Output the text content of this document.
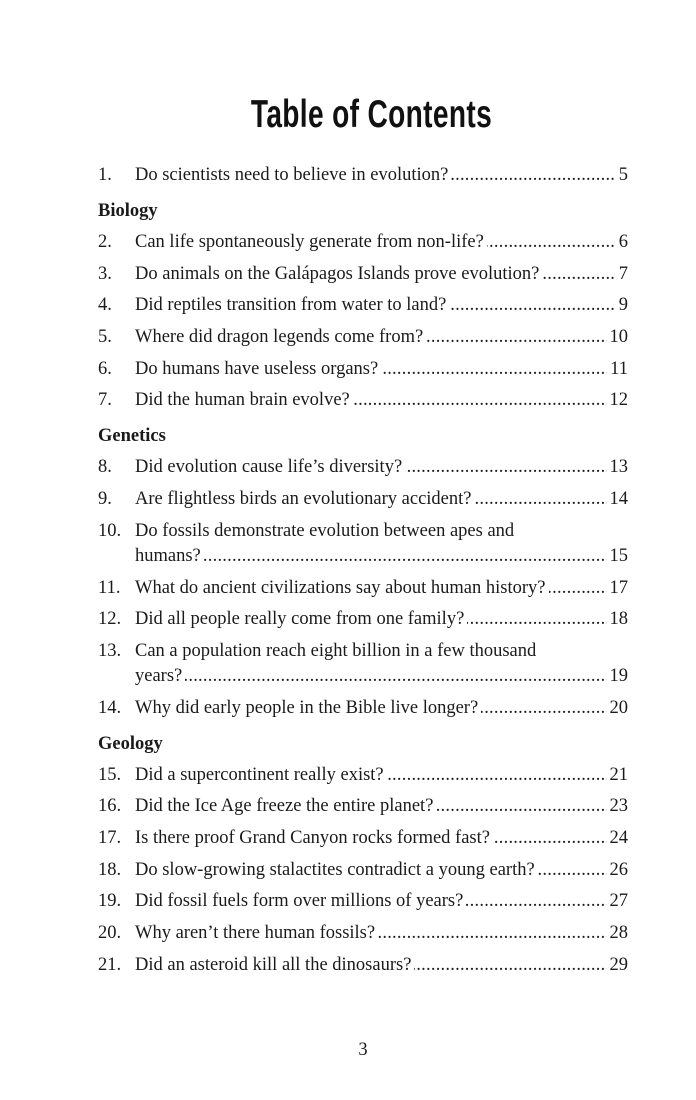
Table of Contents
1. . . . Do scientists need to believe in evolution?	5
Biology
2. . . . Can life spontaneously generate from non-life?	6
3. . . . Do animals on the Galápagos Islands prove evolution?	7
4. . . . Did reptiles transition from water to land?	9
5. . . . Where did dragon legends come from?	10
6. . . . Do humans have useless organs?	11
7. . . . Did the human brain evolve?	12
Genetics
8. . . . Did evolution cause life’s diversity?	13
9. . . . Are flightless birds an evolutionary accident?	14
10. . . . Do fossils demonstrate evolution between apes and
humans?	15
11. . . . What do ancient civilizations say about human history?	17
12. . . . Did all people really come from one family?	18
13. . . . Can a population reach eight billion in a few thousand
years?	19
14. . . . Why did early people in the Bible live longer?	20
Geology
15. . . . Did a supercontinent really exist?	21
16. . . . Did the Ice Age freeze the entire planet?	23
17. . . . Is there proof Grand Canyon rocks formed fast?	24
18. . . . Do slow-growing stalactites contradict a young earth?	26
19. . . . Did fossil fuels form over millions of years?	27
20. . . . Why aren’t there human fossils?	28
21. . . . Did an asteroid kill all the dinosaurs?	29
3
